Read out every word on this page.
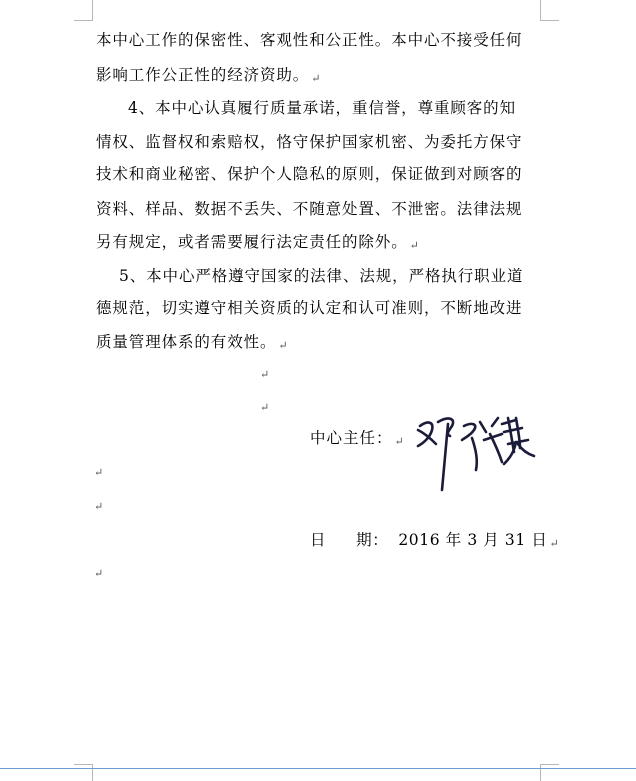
本中心工作的保密性、客观性和公正性。本中心不接受任何
影响工作公正性的经济资助。 ↵
4、本中心认真履行质量承诺，重信誉，尊重顾客的知
情权、监督权和索赔权，恪守保护国家机密、为委托方保守
技术和商业秘密、保护个人隐私的原则，保证做到对顾客的
资料、样品、数据不丢失、不随意处置、不泄密。法律法规
另有规定，或者需要履行法定责任的除外。 ↵
5、本中心严格遵守国家的法律、法规，严格执行职业道
德规范，切实遵守相关资质的认定和认可准则，不断地改进
质量管理体系的有效性。 ↵
↵
↵
中心主任： ↵
↵
↵
日 期： 2016 年 3 月 31 日 ↵
↵
